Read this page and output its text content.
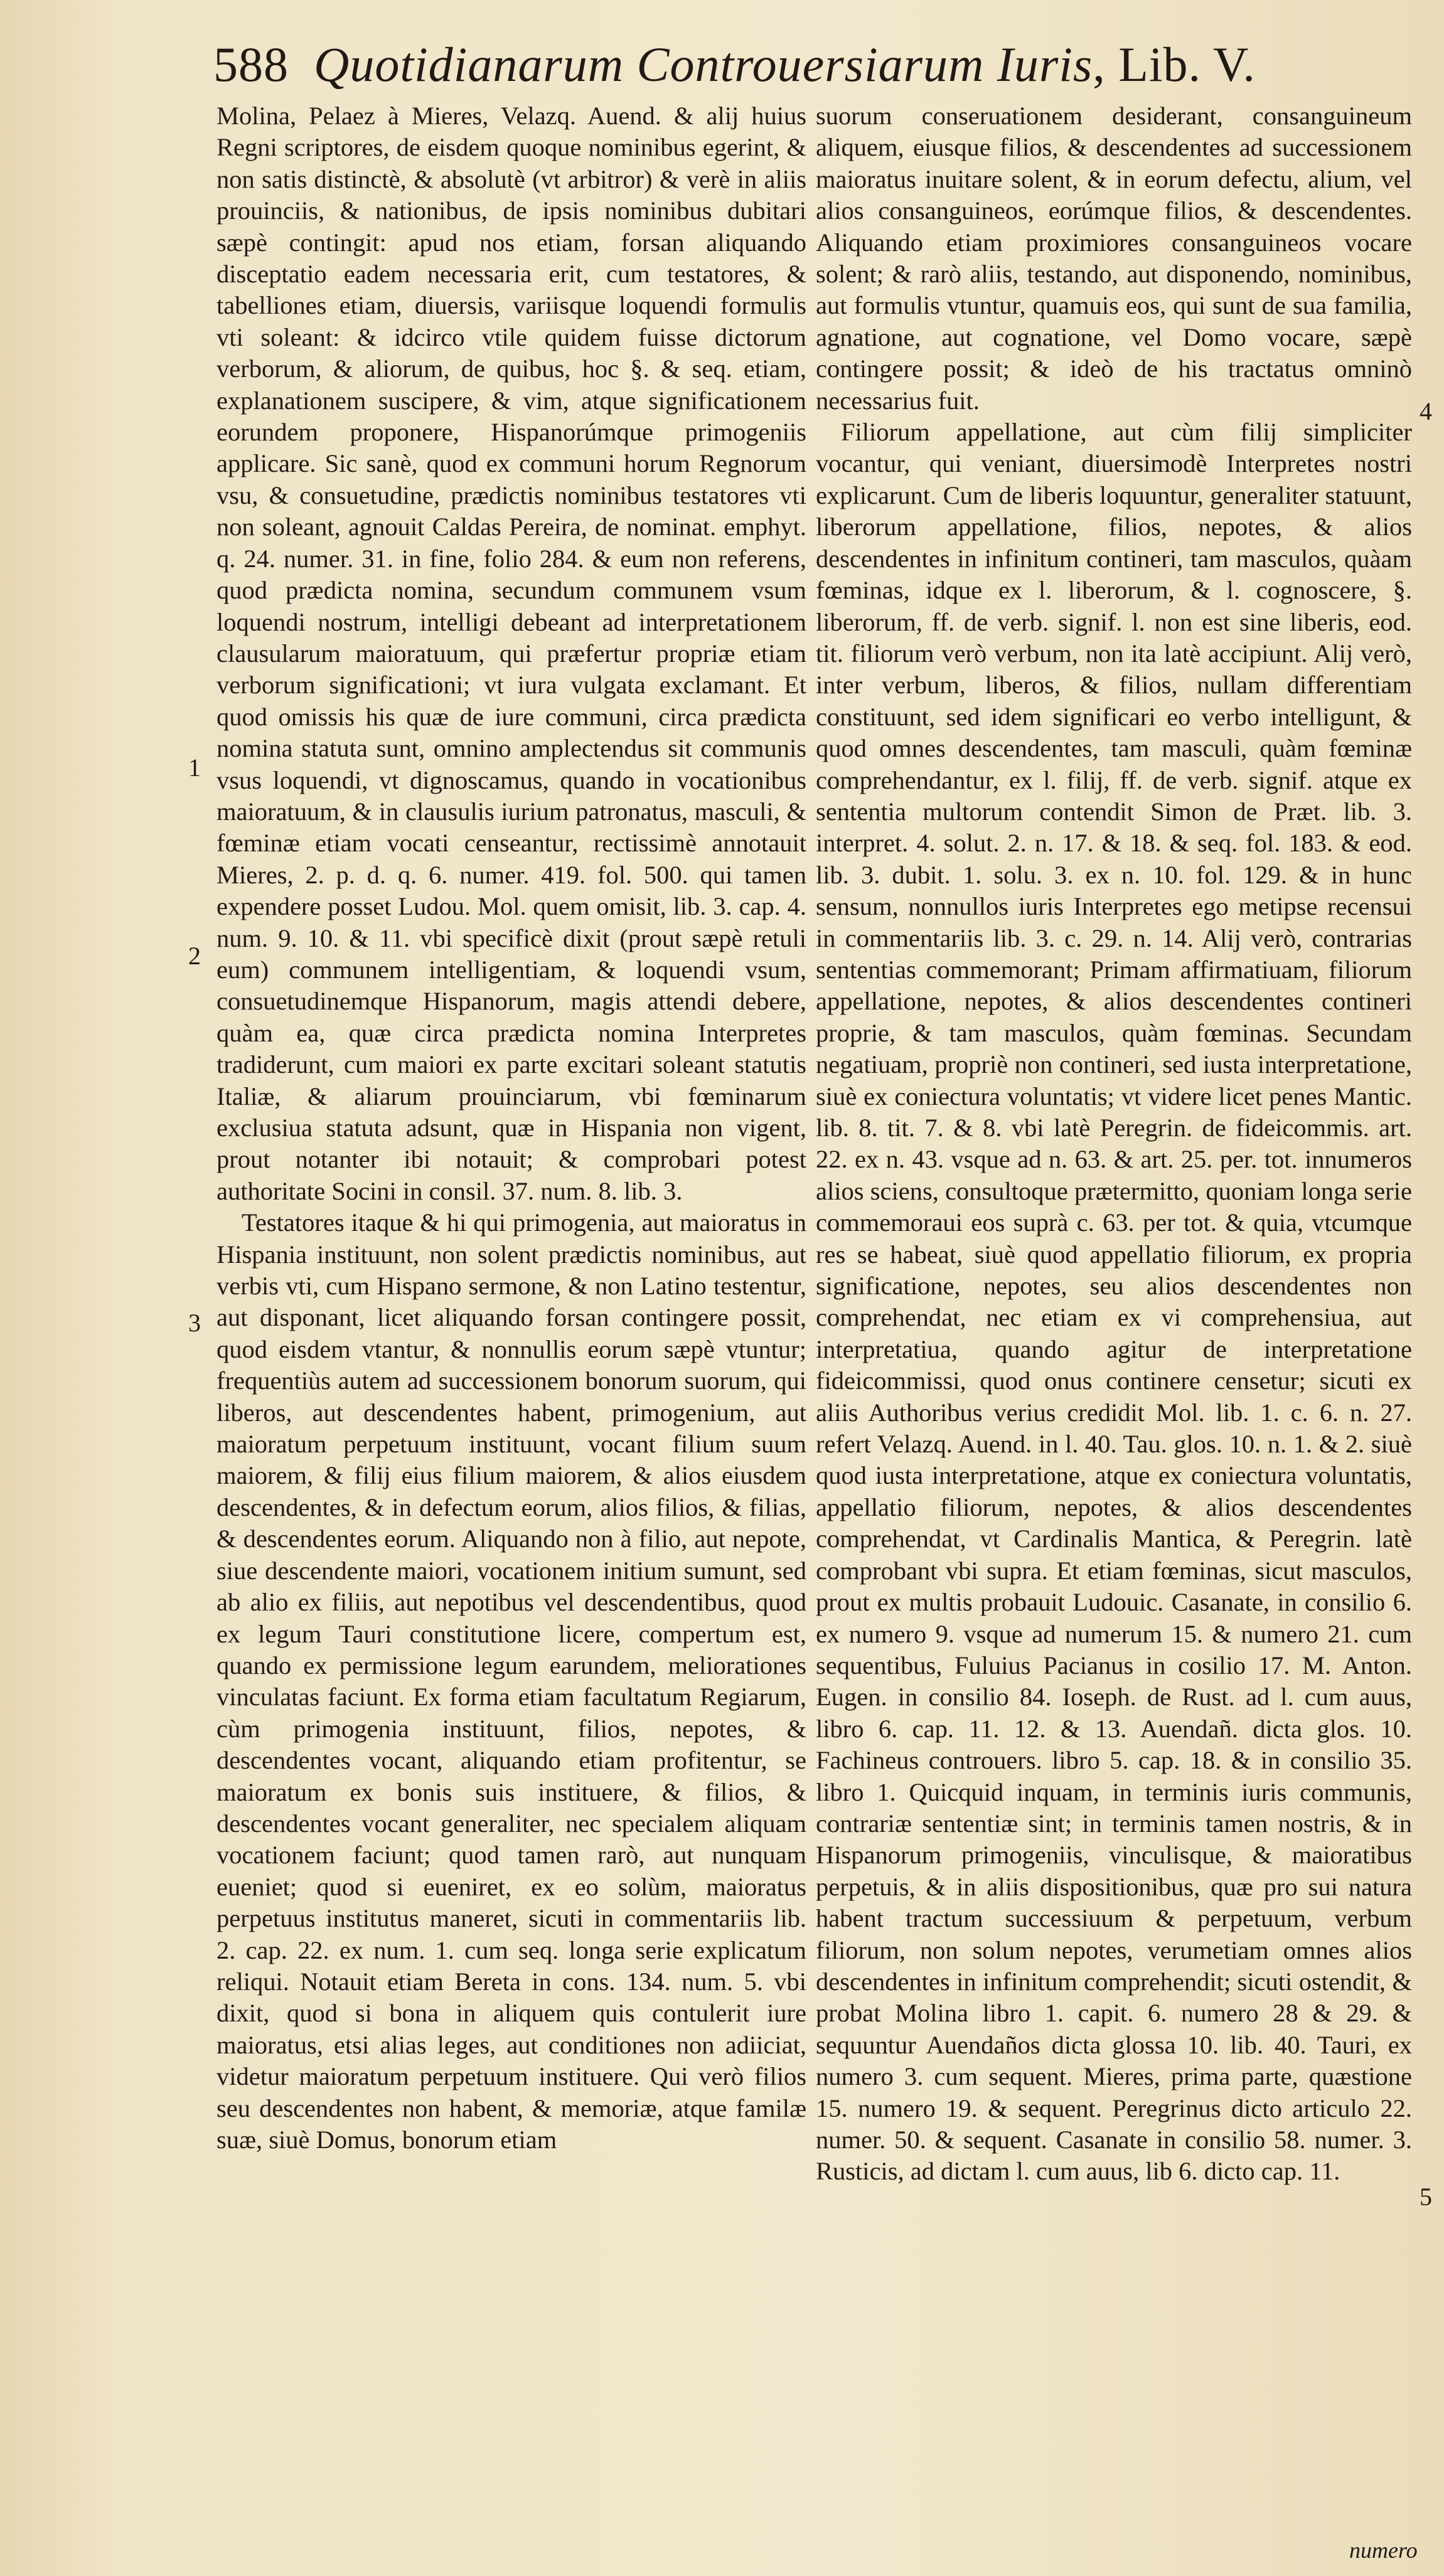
588 Quotidianarum Controuersiarum Iuris, Lib. V.

Molina, Pelaez à Mieres, Velazq. Auend. & alij huius Regni scriptores, de eisdem quoque nominibus egerint, & non satis distinctè, & absolutè (vt arbitror) & verè in aliis prouinciis, & nationibus, de ipsis nominibus dubitari sæpè contingit: apud nos etiam, forsan aliquando disceptatio eadem necessaria erit, cum testatores, & tabelliones etiam, diuersis, variisque loquendi formulis vti soleant: & idcirco vtile quidem fuisse dictorum verborum, & aliorum, de quibus, hoc §. & seq. etiam, explanationem suscipere, & vim, atque significationem eorundem proponere, Hispanorúmque primogeniis applicare. Sic sanè, quod ex communi horum Regnorum vsu, & consuetudine, prædictis nominibus testatores vti non soleant, agnouit Caldas Pereira, de nominat. emphyt. q. 24. numer. 31. in fine, folio 284. & eum non referens, quod prædicta nomina, secundum communem vsum loquendi nostrum, intelligi debeant ad interpretationem clausularum maioratuum, qui præfertur propriæ etiam verborum significationi; vt iura vulgata exclamant. Et quod omissis his quæ de iure communi, circa prædicta nomina statuta sunt, omnino amplectendus sit communis vsus loquendi, vt dignoscamus, quando in vocationibus maioratuum, & in clausulis iurium patronatus, masculi, & fœminæ etiam vocati censeantur, rectissimè annotauit Mieres, 2. p. d. q. 6. numer. 419. fol. 500. qui tamen expendere posset Ludou. Mol. quem omisit, lib. 3. cap. 4. num. 9. 10. & 11. vbi specificè dixit (prout sæpè retuli eum) communem intelligentiam, & loquendi vsum, consuetudinemque Hispanorum, magis attendi debere, quàm ea, quæ circa prædicta nomina Interpretes tradiderunt, cum maiori ex parte excitari soleant statutis Italiæ, & aliarum prouinciarum, vbi fœminarum exclusiua statuta adsunt, quæ in Hispania non vigent, prout notanter ibi notauit; & comprobari potest authoritate Socini in consil. 37. num. 8. lib. 3.

Testatores itaque & hi qui primogenia, aut maioratus in Hispania instituunt, non solent prædictis nominibus, aut verbis vti, cum Hispano sermone, & non Latino testentur, aut disponant, licet aliquando forsan contingere possit, quod eisdem vtantur, & nonnullis eorum sæpè vtuntur; frequentiùs autem ad successionem bonorum suorum, qui liberos, aut descendentes habent, primogenium, aut maioratum perpetuum instituunt, vocant filium suum maiorem, & filij eius filium maiorem, & alios eiusdem descendentes, & in defectum eorum, alios filios, & filias, & descendentes eorum. Aliquando non à filio, aut nepote, siue descendente maiori, vocationem initium sumunt, sed ab alio ex filiis, aut nepotibus vel descendentibus, quod ex legum Tauri constitutione licere, compertum est, quando ex permissione legum earundem, meliorationes vinculatas faciunt. Ex forma etiam facultatum Regiarum, cùm primogenia instituunt, filios, nepotes, & descendentes vocant, aliquando etiam profitentur, se maioratum ex bonis suis instituere, & filios, & descendentes vocant generaliter, nec specialem aliquam vocationem faciunt; quod tamen rarò, aut nunquam eueniet; quod si eueniret, ex eo solùm, maioratus perpetuus institutus maneret, sicuti in commentariis lib. 2. cap. 22. ex num. 1. cum seq. longa serie explicatum reliqui. Notauit etiam Bereta in cons. 134. num. 5. vbi dixit, quod si bona in aliquem quis contulerit iure maioratus, etsi alias leges, aut conditiones non adiiciat, videtur maioratum perpetuum instituere. Qui verò filios seu descendentes non habent, & memoriæ, atque familæ suæ, siuè Domus, bonorum etiam

suorum conseruationem desiderant, consanguineum aliquem, eiusque filios, & descendentes ad successionem maioratus inuitare solent, & in eorum defectu, alium, vel alios consanguineos, eorúmque filios, & descendentes. Aliquando etiam proximiores consanguineos vocare solent; & rarò aliis, testando, aut disponendo, nominibus, aut formulis vtuntur, quamuis eos, qui sunt de sua familia, agnatione, aut cognatione, vel Domo vocare, sæpè contingere possit; & ideò de his tractatus omninò necessarius fuit.

Filiorum appellatione, aut cùm filij simpliciter vocantur, qui veniant, diuersimodè Interpretes nostri explicarunt. Cum de liberis loquuntur, generaliter statuunt, liberorum appellatione, filios, nepotes, & alios descendentes in infinitum contineri, tam masculos, quàam fœminas, idque ex l. liberorum, & l. cognoscere, §. liberorum, ff. de verb. signif. l. non est sine liberis, eod. tit. filiorum verò verbum, non ita latè accipiunt. Alij verò, inter verbum, liberos, & filios, nullam differentiam constituunt, sed idem significari eo verbo intelligunt, & quod omnes descendentes, tam masculi, quàm fœminæ comprehendantur, ex l. filij, ff. de verb. signif. atque ex sententia multorum contendit Simon de Præt. lib. 3. interpret. 4. solut. 2. n. 17. & 18. & seq. fol. 183. & eod. lib. 3. dubit. 1. solu. 3. ex n. 10. fol. 129. & in hunc sensum, nonnullos iuris Interpretes ego metipse recensui in commentariis lib. 3. c. 29. n. 14. Alij verò, contrarias sententias commemorant; Primam affirmatiuam, filiorum appellatione, nepotes, & alios descendentes contineri proprie, & tam masculos, quàm fœminas. Secundam negatiuam, propriè non contineri, sed iusta interpretatione, siuè ex coniectura voluntatis; vt videre licet penes Mantic. lib. 8. tit. 7. & 8. vbi latè Peregrin. de fideicommis. art. 22. ex n. 43. vsque ad n. 63. & art. 25. per. tot. innumeros alios sciens, consultoque prætermitto, quoniam longa serie commemoraui eos suprà c. 63. per tot. & quia, vtcumque res se habeat, siuè quod appellatio filiorum, ex propria significatione, nepotes, seu alios descendentes non comprehendat, nec etiam ex vi comprehensiua, aut interpretatiua, quando agitur de interpretatione fideicommissi, quod onus continere censetur; sicuti ex aliis Authoribus verius credidit Mol. lib. 1. c. 6. n. 27. refert Velazq. Auend. in l. 40. Tau. glos. 10. n. 1. & 2. siuè quod iusta interpretatione, atque ex coniectura voluntatis, appellatio filiorum, nepotes, & alios descendentes comprehendat, vt Cardinalis Mantica, & Peregrin. latè comprobant vbi supra. Et etiam fœminas, sicut masculos, prout ex multis probauit Ludouic. Casanate, in consilio 6. ex numero 9. vsque ad numerum 15. & numero 21. cum sequentibus, Fuluius Pacianus in cosilio 17. M. Anton. Eugen. in consilio 84. Ioseph. de Rust. ad l. cum auus, libro 6. cap. 11. 12. & 13. Auendañ. dicta glos. 10. Fachineus controuers. libro 5. cap. 18. & in consilio 35. libro 1. Quicquid inquam, in terminis iuris communis, contrariæ sententiæ sint; in terminis tamen nostris, & in Hispanorum primogeniis, vinculisque, & maioratibus perpetuis, & in aliis dispositionibus, quæ pro sui natura habent tractum successiuum & perpetuum, verbum filiorum, non solum nepotes, verumetiam omnes alios descendentes in infinitum comprehendit; sicuti ostendit, & probat Molina libro 1. capit. 6. numero 28 & 29. & sequuntur Auendaños dicta glossa 10. lib. 40. Tauri, ex numero 3. cum sequent. Mieres, prima parte, quæstione 15. numero 19. & sequent. Peregrinus dicto articulo 22. numer. 50. & sequent. Casanate in consilio 58. numer. 3. Rusticis, ad dictam l. cum auus, lib 6. dicto cap. 11.

1
2
3
4
5
numero
